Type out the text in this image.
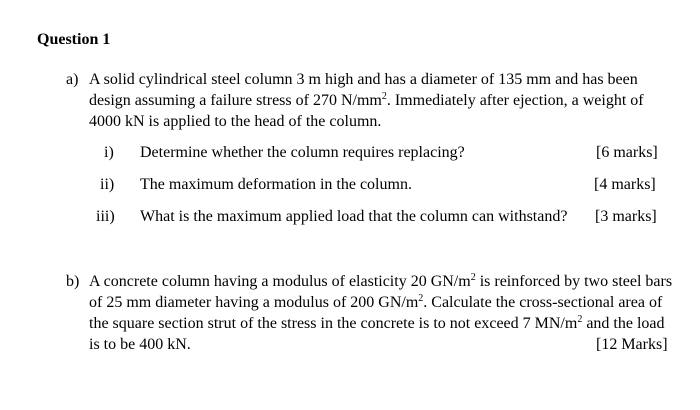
Question 1
a) A solid cylindrical steel column 3 m high and has a diameter of 135 mm and has been
design assuming a failure stress of 270 $N/mm^2$. Immediately after ejection, a weight of
4000 kN is applied to the head of the column.
i) Determine whether the column requires replacing?	[6 marks]
ii) The maximum deformation in the column.	[4 marks]
iii) What is the maximum applied load that the column can withstand? [3 marks]
b) A concrete column having a modulus of elasticity 20 $GN/m^2$ is reinforced by two steel bars
of 25 mm diameter having a modulus of 200 $GN/m^2$. Calculate the cross-sectional area of
the square section strut of the stress in the concrete is to not exceed 7 $MN/m^2$ and the load
is to be 400 kN.	[12 Marks]
